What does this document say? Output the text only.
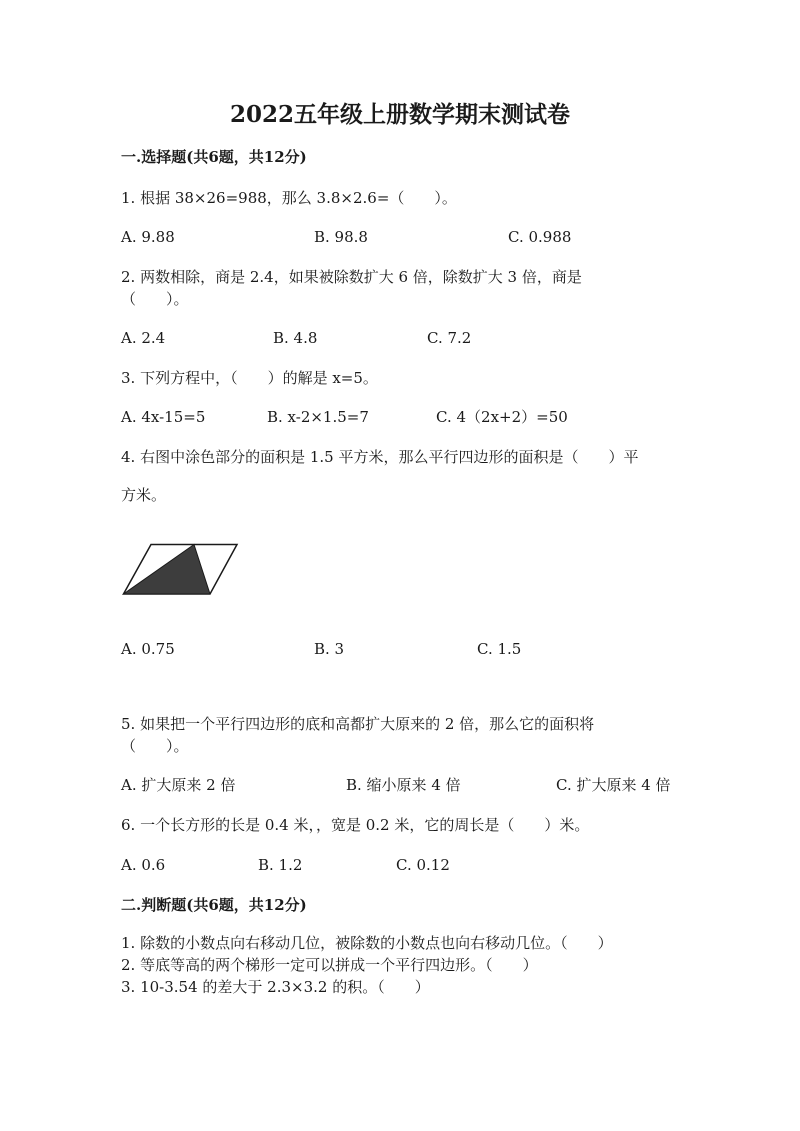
2022五年级上册数学期末测试卷
一.选择题(共6题，共12分)
1. 根据 38×26=988，那么 3.8×2.6=（　　）。
A. 9.88	B. 98.8	C. 0.988
2. 两数相除，商是 2.4，如果被除数扩大 6 倍，除数扩大 3 倍，商是
（　　）。
A. 2.4	B. 4.8	C. 7.2
3. 下列方程中，（　　）的解是 x=5。
A. 4x-15=5	B. x-2×1.5=7	C. 4（2x+2）=50
4. 右图中涂色部分的面积是 1.5 平方米，那么平行四边形的面积是（　　）平
方米。
A. 0.75	B. 3	C. 1.5
5. 如果把一个平行四边形的底和高都扩大原来的 2 倍，那么它的面积将
（　　）。
A. 扩大原来 2 倍	B. 缩小原来 4 倍	C. 扩大原来 4 倍
6. 一个长方形的长是 0.4 米，，宽是 0.2 米，它的周长是（　　）米。
A. 0.6	B. 1.2	C. 0.12
二.判断题(共6题，共12分)
1. 除数的小数点向右移动几位，被除数的小数点也向右移动几位。（　　）
2. 等底等高的两个梯形一定可以拼成一个平行四边形。（　　）
3. 10-3.54 的差大于 2.3×3.2 的积。（　　）
